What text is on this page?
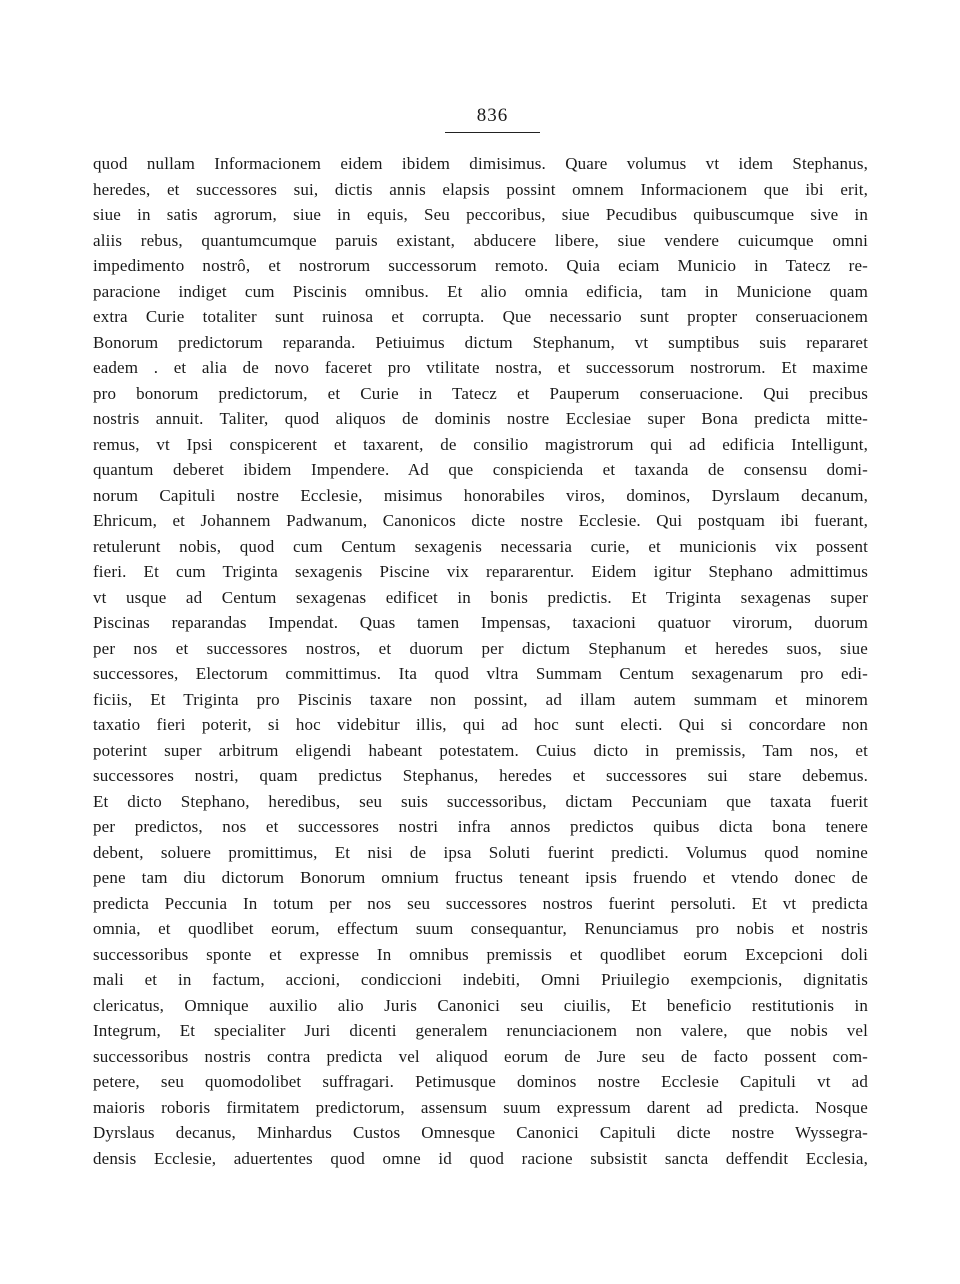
836
quod nullam Informacionem eidem ibidem dimisimus. Quare volumus vt idem Stephanus,
heredes, et successores sui, dictis annis elapsis possint omnem Informacionem que ibi erit,
siue in satis agrorum, siue in equis, Seu peccoribus, siue Pecudibus quibuscumque sive in
aliis rebus, quantumcumque paruis existant, abducere libere, siue vendere cuicumque omni
impedimento nostrô, et nostrorum successorum remoto. Quia eciam Municio in Tatecz re-
paracione indiget cum Piscinis omnibus. Et alio omnia edificia, tam in Municione quam
extra Curie totaliter sunt ruinosa et corrupta. Que necessario sunt propter conseruacionem
Bonorum predictorum reparanda. Petiuimus dictum Stephanum, vt sumptibus suis repararet
eadem . et alia de novo faceret pro vtilitate nostra, et successorum nostrorum. Et maxime
pro bonorum predictorum, et Curie in Tatecz et Pauperum conseruacione. Qui precibus
nostris annuit. Taliter, quod aliquos de dominis nostre Ecclesiae super Bona predicta mitte-
remus, vt Ipsi conspicerent et taxarent, de consilio magistrorum qui ad edificia Intelligunt,
quantum deberet ibidem Impendere. Ad que conspicienda et taxanda de consensu domi-
norum Capituli nostre Ecclesie, misimus honorabiles viros, dominos, Dyrslaum decanum,
Ehricum, et Johannem Padwanum, Canonicos dicte nostre Ecclesie. Qui postquam ibi fuerant,
retulerunt nobis, quod cum Centum sexagenis necessaria curie, et municionis vix possent
fieri. Et cum Triginta sexagenis Piscine vix repararentur. Eidem igitur Stephano admittimus
vt usque ad Centum sexagenas edificet in bonis predictis. Et Triginta sexagenas super
Piscinas reparandas Impendat. Quas tamen Impensas, taxacioni quatuor virorum, duorum
per nos et successores nostros, et duorum per dictum Stephanum et heredes suos, siue
successores, Electorum committimus. Ita quod vltra Summam Centum sexagenarum pro edi-
ficiis, Et Triginta pro Piscinis taxare non possint, ad illam autem summam et minorem
taxatio fieri poterit, si hoc videbitur illis, qui ad hoc sunt electi. Qui si concordare non
poterint super arbitrum eligendi habeant potestatem. Cuius dicto in premissis, Tam nos, et
successores nostri, quam predictus Stephanus, heredes et successores sui stare debemus.
Et dicto Stephano, heredibus, seu suis successoribus, dictam Peccuniam que taxata fuerit
per predictos, nos et successores nostri infra annos predictos quibus dicta bona tenere
debent, soluere promittimus, Et nisi de ipsa Soluti fuerint predicti. Volumus quod nomine
pene tam diu dictorum Bonorum omnium fructus teneant ipsis fruendo et vtendo donec de
predicta Peccunia In totum per nos seu successores nostros fuerint persoluti. Et vt predicta
omnia, et quodlibet eorum, effectum suum consequantur, Renunciamus pro nobis et nostris
successoribus sponte et expresse In omnibus premissis et quodlibet eorum Excepcioni doli
mali et in factum, accioni, condiccioni indebiti, Omni Priuilegio exempcionis, dignitatis
clericatus, Omnique auxilio alio Juris Canonici seu ciuilis, Et beneficio restitutionis in
Integrum, Et specialiter Juri dicenti generalem renunciacionem non valere, que nobis vel
successoribus nostris contra predicta vel aliquod eorum de Jure seu de facto possent com-
petere, seu quomodolibet suffragari. Petimusque dominos nostre Ecclesie Capituli vt ad
maioris roboris firmitatem predictorum, assensum suum expressum darent ad predicta. Nosque
Dyrslaus decanus, Minhardus Custos Omnesque Canonici Capituli dicte nostre Wyssegra-
densis Ecclesie, aduertentes quod omne id quod racione subsistit sancta deffendit Ecclesia,
